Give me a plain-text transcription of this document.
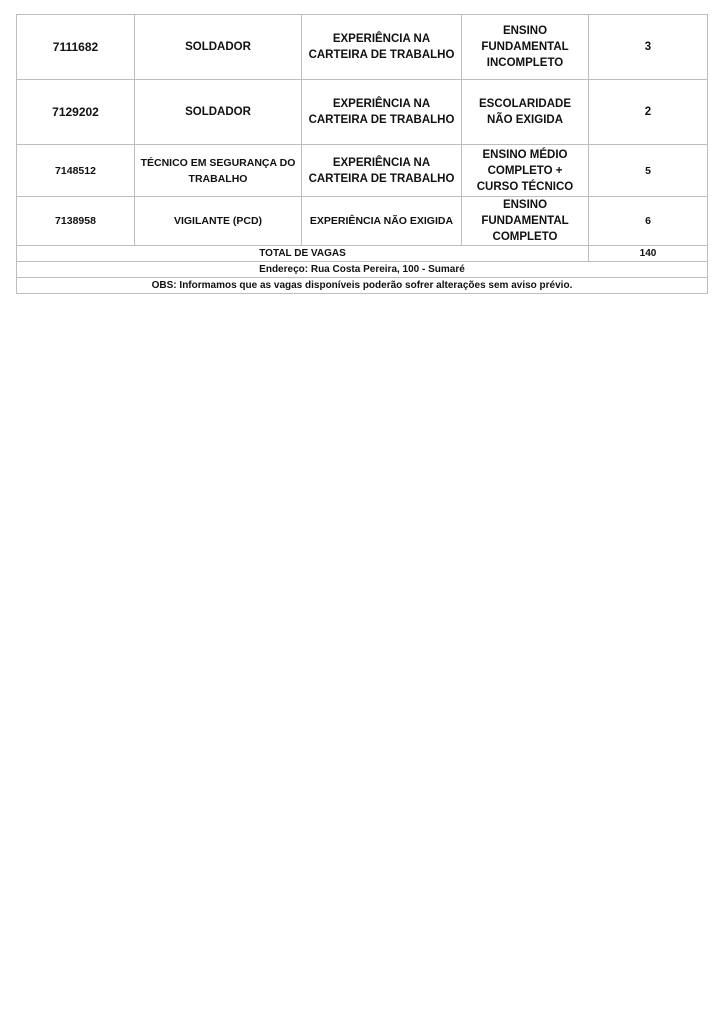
7111682	SOLDADOR	EXPERIÊNCIA NA CARTEIRA DE TRABALHO	ENSINO FUNDAMENTAL INCOMPLETO	3
7129202	SOLDADOR	EXPERIÊNCIA NA CARTEIRA DE TRABALHO	ESCOLARIDADE NÃO EXIGIDA	2
7148512	TÉCNICO EM SEGURANÇA DO TRABALHO	EXPERIÊNCIA NA CARTEIRA DE TRABALHO	ENSINO MÉDIO COMPLETO + CURSO TÉCNICO	5
7138958	VIGILANTE (PCD)	EXPERIÊNCIA NÃO EXIGIDA	ENSINO FUNDAMENTAL COMPLETO	6
TOTAL DE VAGAS				140
Endereço: Rua Costa Pereira, 100 - Sumaré				
OBS: Informamos que as vagas disponíveis poderão sofrer alterações sem aviso prévio.				
